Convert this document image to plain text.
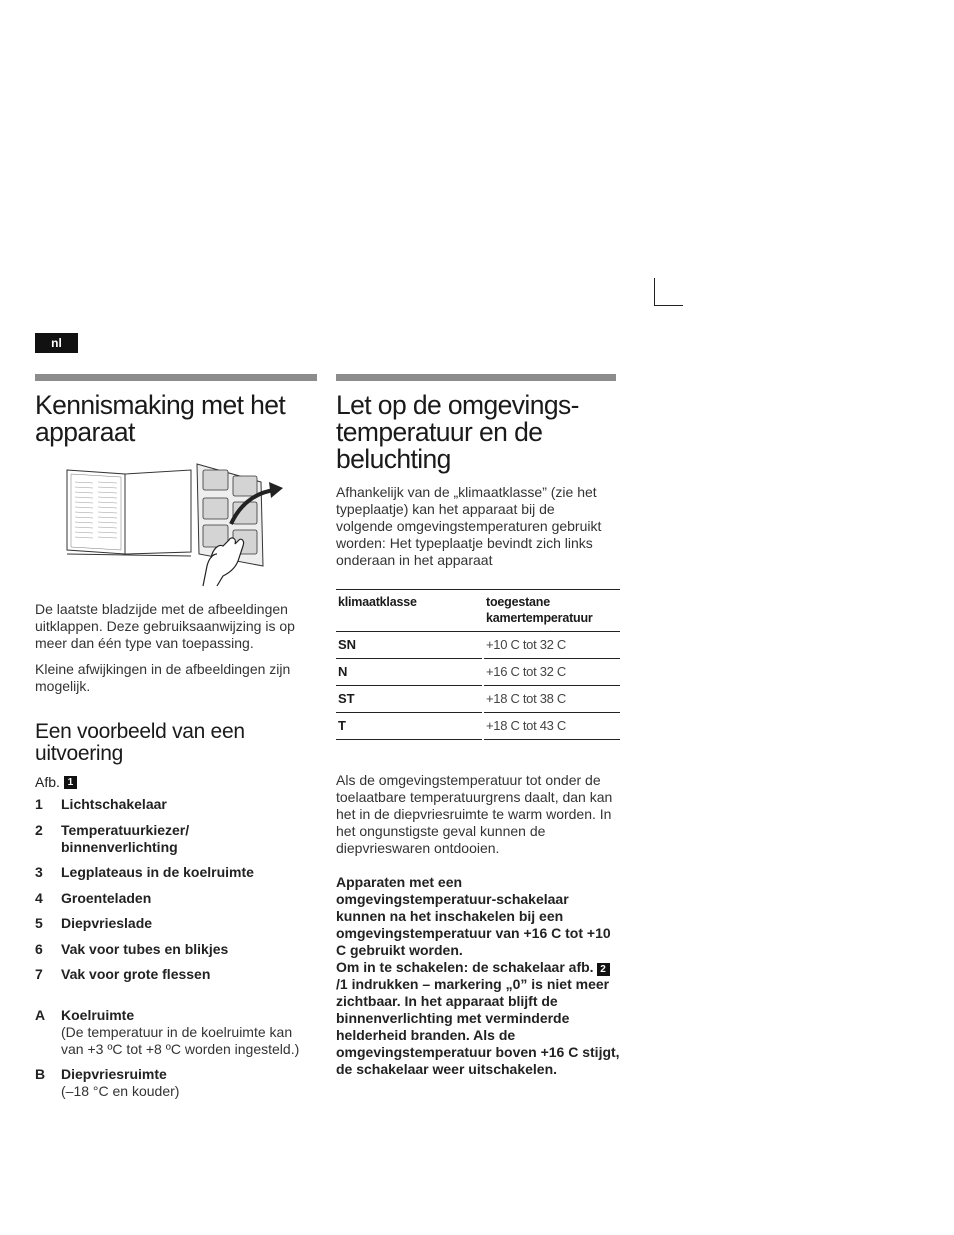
nl
Kennismaking met het apparaat

De laatste bladzijde met de afbeeldingen uitklappen. Deze gebruiksaanwijzing is op meer dan één type van toepassing.

Kleine afwijkingen in de afbeeldingen zijn mogelijk.

Een voorbeeld van een uitvoering
Afb. 1
1	Lichtschakelaar
2	Temperatuurkiezer/ binnenverlichting
3	Legplateaus in de koelruimte
4	Groenteladen
5	Diepvrieslade
6	Vak voor tubes en blikjes
7	Vak voor grote flessen
A	Koelruimte
(De temperatuur in de koelruimte kan van +3 ºC tot +8 ºC worden ingesteld.)
B	Diepvriesruimte
(–18 °C en kouder)
Let op de omgevings- temperatuur en de beluchting

Afhankelijk van de „klimaatklasse” (zie het typeplaatje) kan het apparaat bij de volgende omgevingstemperaturen gebruikt worden: Het typeplaatje bevindt zich links onderaan in het apparaat

klimaatklasse		toegestane kamertemperatuur
SN		+10 C tot 32 C
N		+16 C tot 32 C
ST		+18 C tot 38 C
T		+18 C tot 43 C

Als de omgevingstemperatuur tot onder de toelaatbare temperatuurgrens daalt, dan kan het in de diepvriesruimte te warm worden. In het ongunstigste geval kunnen de diepvrieswaren ontdooien.

Apparaten met een omgevingstemperatuur-schakelaar kunnen na het inschakelen bij een omgevingstemperatuur van +16 C tot +10 C gebruikt worden.
Om in te schakelen: de schakelaar afb. 2/1 indrukken – markering „0” is niet meer zichtbaar. In het apparaat blijft de binnenverlichting met verminderde helderheid branden. Als de omgevingstemperatuur boven +16 C stijgt, de schakelaar weer uitschakelen.
